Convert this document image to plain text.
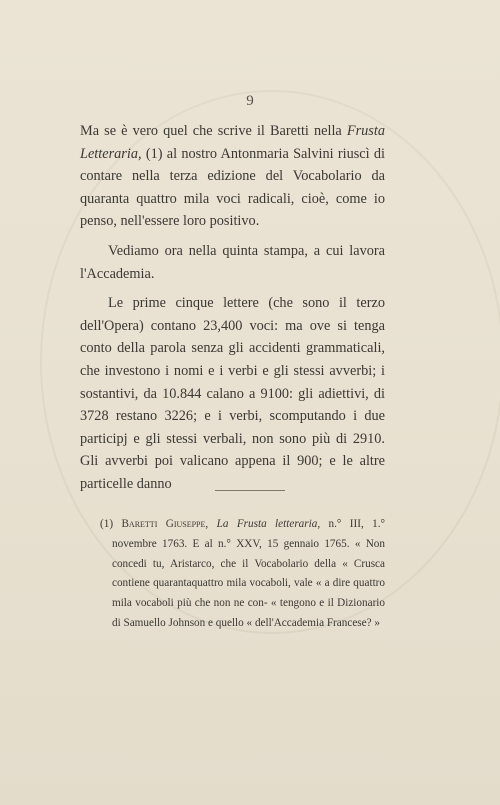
9

Ma se è vero quel che scrive il Baretti nella Frusta Letteraria, (1) al nostro Antonmaria Salvini riuscì di contare nella terza edizione del Vocabolario da quaranta quattro mila voci radicali, cioè, come io penso, nell'essere loro positivo.

Vediamo ora nella quinta stampa, a cui lavora l'Accademia.

Le prime cinque lettere (che sono il terzo dell'Opera) contano 23,400 voci: ma ove si tenga conto della parola senza gli accidenti grammaticali, che investono i nomi e i verbi e gli stessi avverbi; i sostantivi, da 10.844 calano a 9100: gli adiettivi, di 3728 restano 3226; e i verbi, scomputando i due participj e gli stessi verbali, non sono più di 2910. Gli avverbi poi valicano appena il 900; e le altre particelle danno

(1) Baretti Giuseppe, La Frusta letteraria, n.° III, 1.° novembre 1763. E al n.° XXV, 15 gennaio 1765. « Non concedi tu, Aristarco, che il Vocabolario della « Crusca contiene quarantaquattro mila vocaboli, vale « a dire quattro mila vocaboli più che non ne con- « tengono e il Dizionario di Samuello Johnson e quello « dell'Accademia Francese? »
